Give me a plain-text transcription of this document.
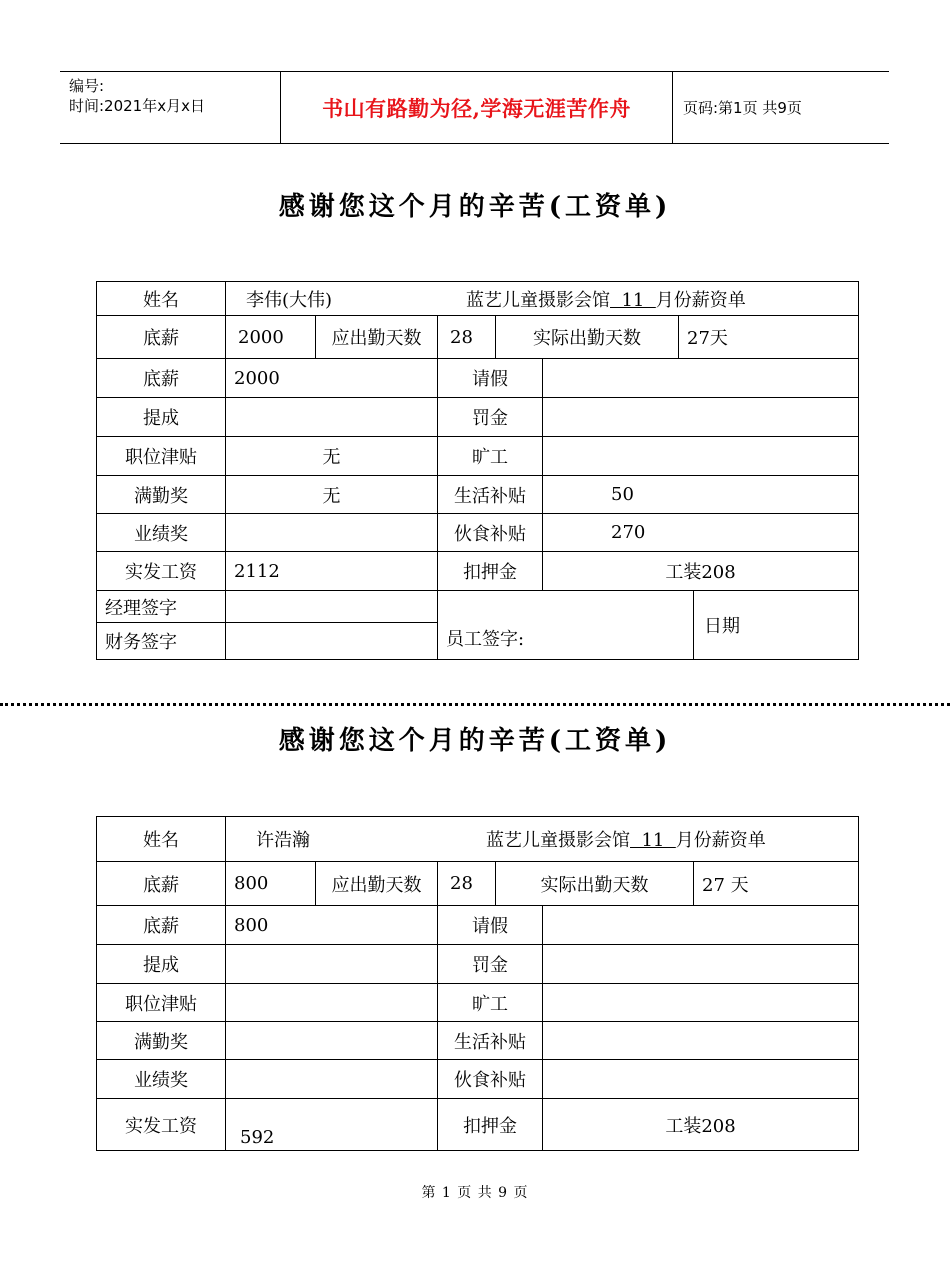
编号:
时间:2021年x月x日	书山有路勤为径,学海无涯苦作舟	页码:第1页 共9页
感谢您这个月的辛苦(工资单)
姓名	李伟(大伟) 蓝艺儿童摄影会馆  11  月份薪资单						
底薪	2000	应出勤天数	28	实际出勤天数		27天	
底薪	2000		请假				
提成			罚金				
职位津贴	无		旷工				
满勤奖	无		生活补贴		50		
业绩奖			伙食补贴		270		
实发工资	2112		扣押金		工装208		
经理签字			员工签字:				日期
财务签字							
感谢您这个月的辛苦(工资单)
姓名	许浩瀚 蓝艺儿童摄影会馆  11  月份薪资单					
底薪	800	应出勤天数	28	实际出勤天数		27 天
底薪	800		请假			
提成			罚金			
职位津贴			旷工			
满勤奖			生活补贴			
业绩奖			伙食补贴			
实发工资	592		扣押金		工装208	
第 1 页 共 9 页
